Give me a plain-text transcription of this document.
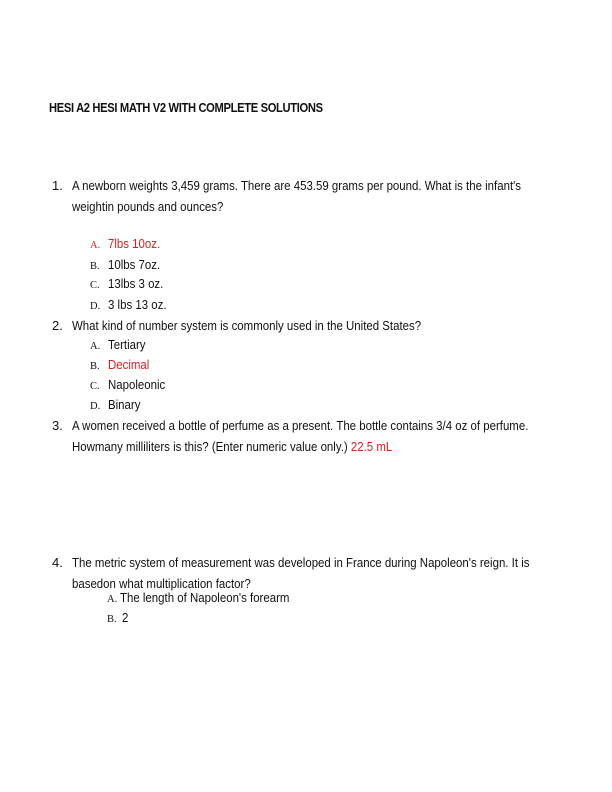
HESI A2 HESI MATH V2 WITH COMPLETE SOLUTIONS
1. A newborn weights 3,459 grams. There are 453.59 grams per pound. What is the infant's
weightin pounds and ounces?
A. 7lbs 10oz.
B. 10lbs 7oz.
C. 13lbs 3 oz.
D. 3 lbs 13 oz.
2. What kind of number system is commonly used in the United States?
A. Tertiary
B. Decimal
C. Napoleonic
D. Binary
3. A women received a bottle of perfume as a present. The bottle contains 3/4 oz of perfume.
Howmany milliliters is this? (Enter numeric value only.) 22.5 mL
4. The metric system of measurement was developed in France during Napoleon's reign. It is
basedon what multiplication factor?
A. The length of Napoleon's forearm
B. 2
